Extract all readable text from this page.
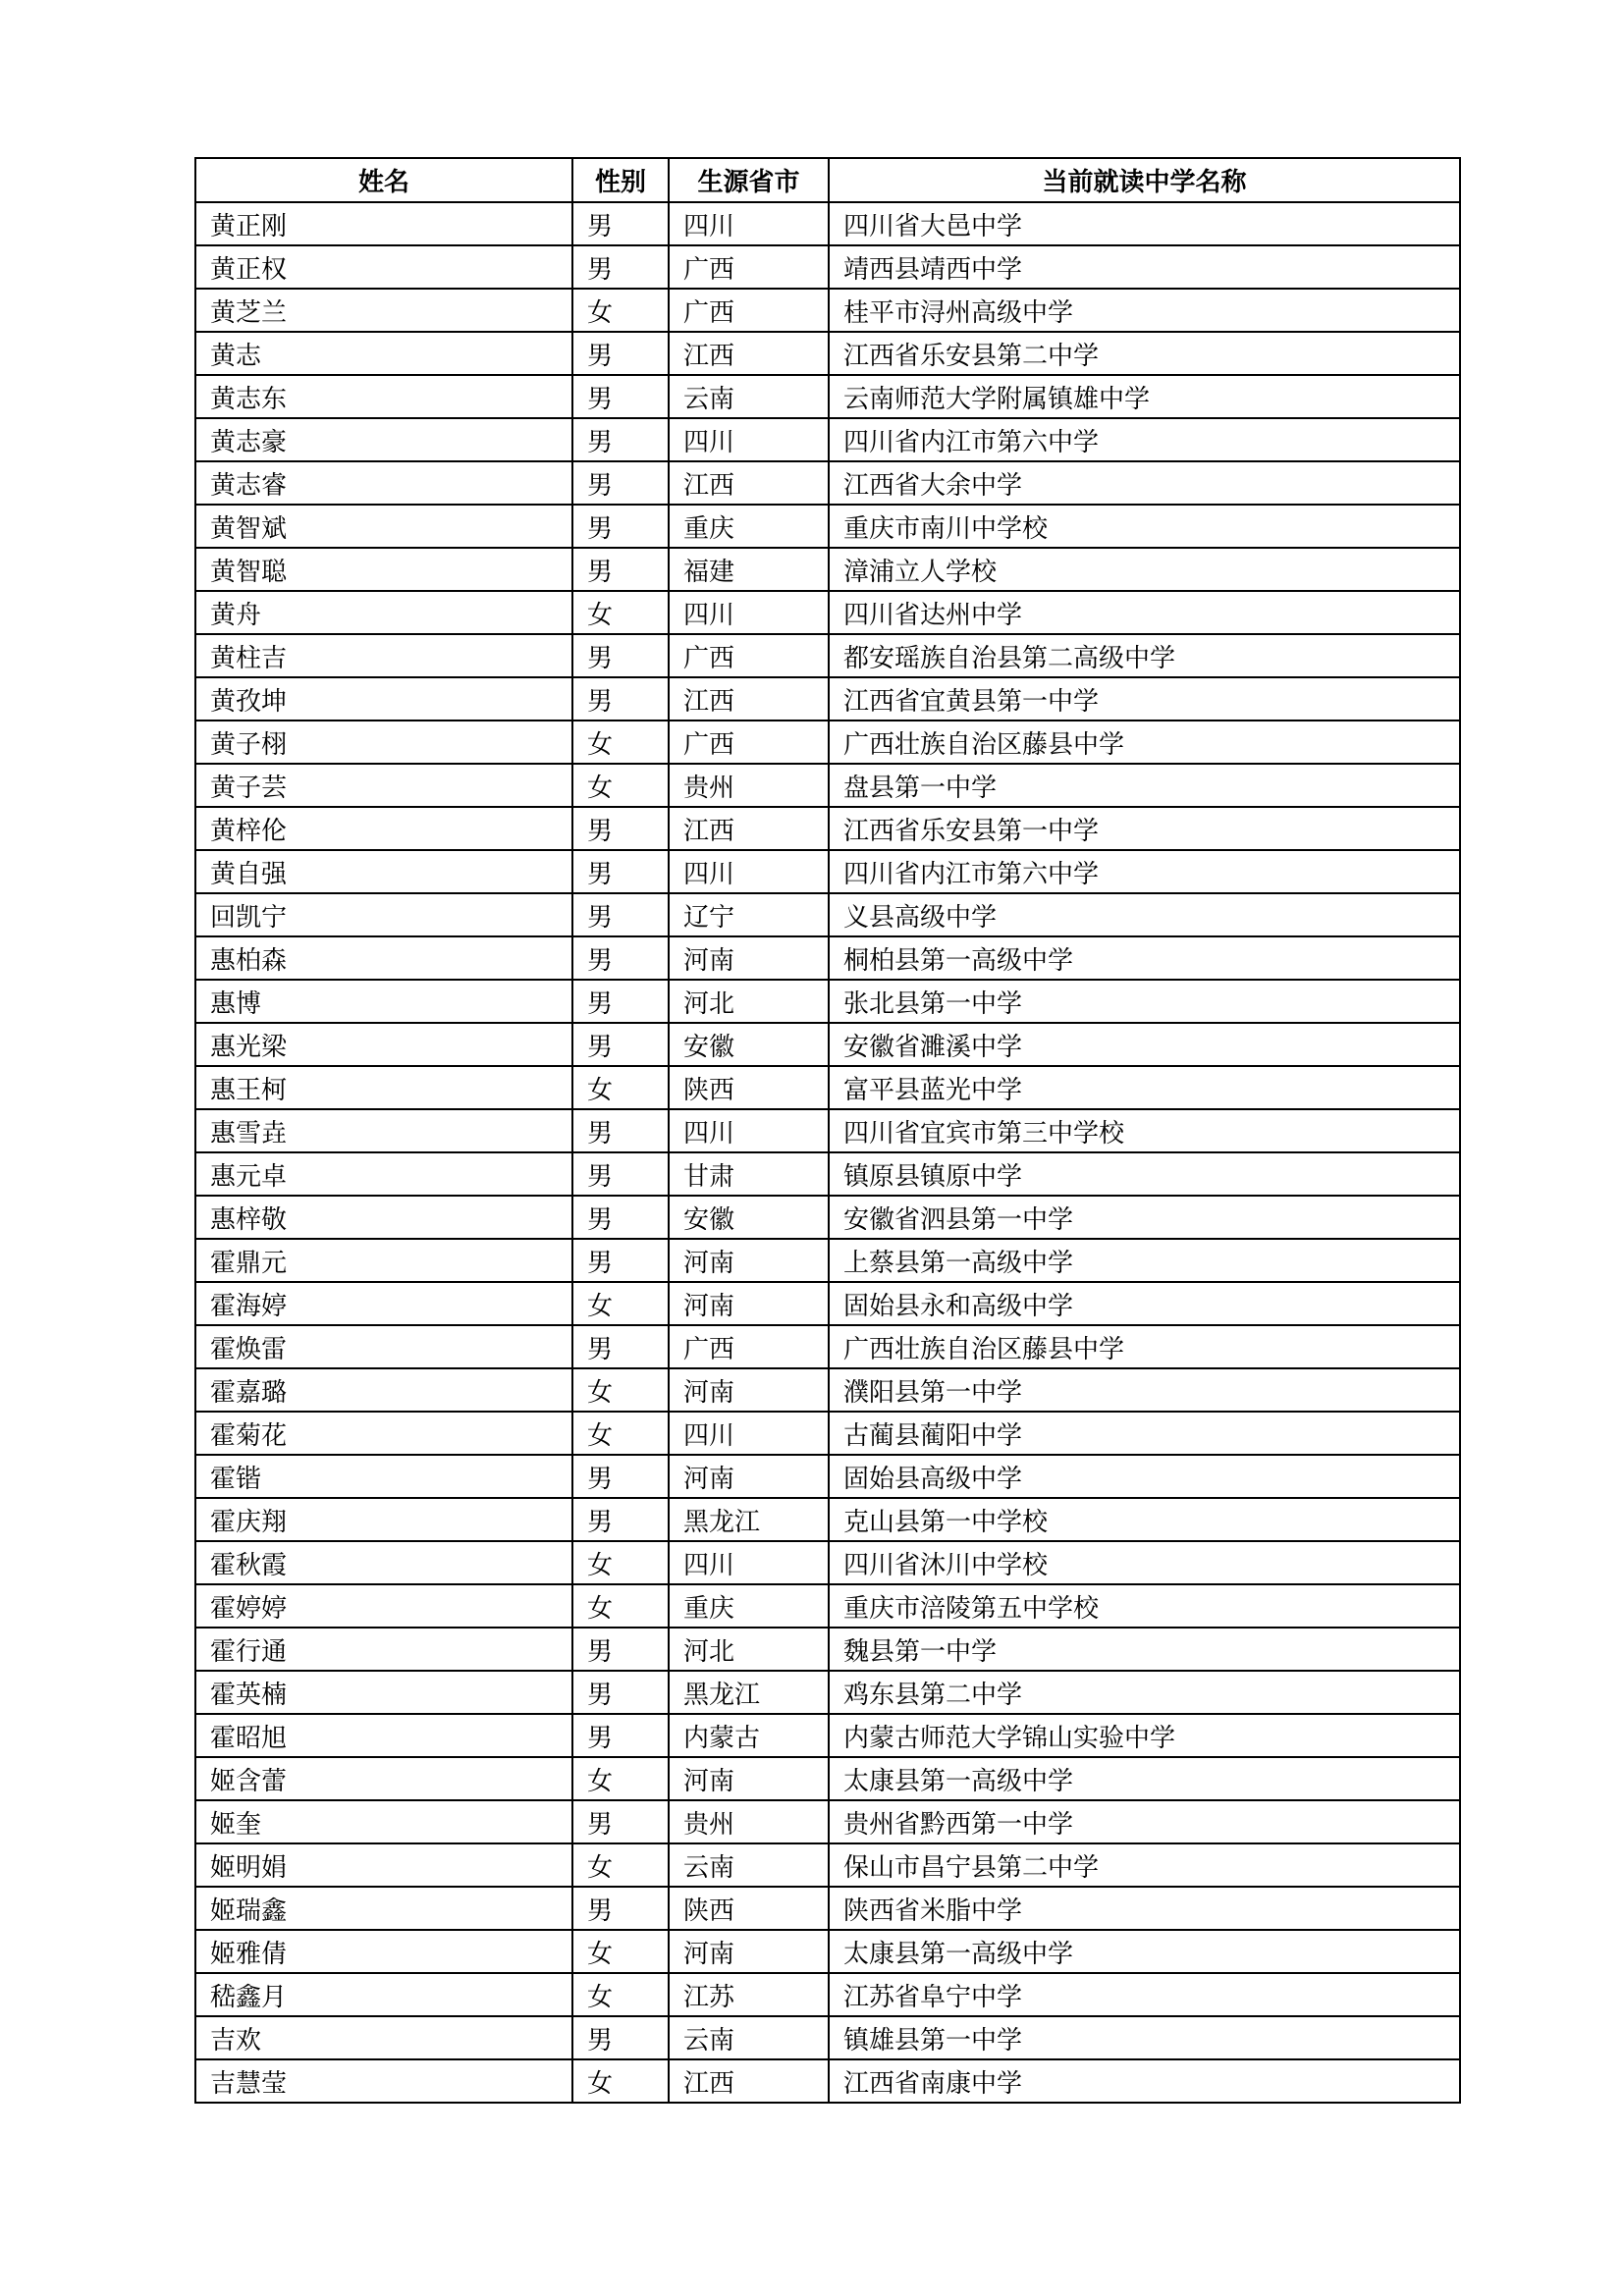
姓名	性别	生源省市	当前就读中学名称
黄正刚	男	四川	四川省大邑中学
黄正权	男	广西	靖西县靖西中学
黄芝兰	女	广西	桂平市浔州高级中学
黄志	男	江西	江西省乐安县第二中学
黄志东	男	云南	云南师范大学附属镇雄中学
黄志豪	男	四川	四川省内江市第六中学
黄志睿	男	江西	江西省大余中学
黄智斌	男	重庆	重庆市南川中学校
黄智聪	男	福建	漳浦立人学校
黄舟	女	四川	四川省达州中学
黄柱吉	男	广西	都安瑶族自治县第二高级中学
黄孜坤	男	江西	江西省宜黄县第一中学
黄子栩	女	广西	广西壮族自治区藤县中学
黄子芸	女	贵州	盘县第一中学
黄梓伦	男	江西	江西省乐安县第一中学
黄自强	男	四川	四川省内江市第六中学
回凯宁	男	辽宁	义县高级中学
惠柏森	男	河南	桐柏县第一高级中学
惠博	男	河北	张北县第一中学
惠光梁	男	安徽	安徽省濉溪中学
惠王柯	女	陕西	富平县蓝光中学
惠雪垚	男	四川	四川省宜宾市第三中学校
惠元卓	男	甘肃	镇原县镇原中学
惠梓敬	男	安徽	安徽省泗县第一中学
霍鼎元	男	河南	上蔡县第一高级中学
霍海婷	女	河南	固始县永和高级中学
霍焕雷	男	广西	广西壮族自治区藤县中学
霍嘉璐	女	河南	濮阳县第一中学
霍菊花	女	四川	古蔺县蔺阳中学
霍锴	男	河南	固始县高级中学
霍庆翔	男	黑龙江	克山县第一中学校
霍秋霞	女	四川	四川省沐川中学校
霍婷婷	女	重庆	重庆市涪陵第五中学校
霍行通	男	河北	魏县第一中学
霍英楠	男	黑龙江	鸡东县第二中学
霍昭旭	男	内蒙古	内蒙古师范大学锦山实验中学
姬含蕾	女	河南	太康县第一高级中学
姬奎	男	贵州	贵州省黔西第一中学
姬明娟	女	云南	保山市昌宁县第二中学
姬瑞鑫	男	陕西	陕西省米脂中学
姬雅倩	女	河南	太康县第一高级中学
嵇鑫月	女	江苏	江苏省阜宁中学
吉欢	男	云南	镇雄县第一中学
吉慧莹	女	江西	江西省南康中学
